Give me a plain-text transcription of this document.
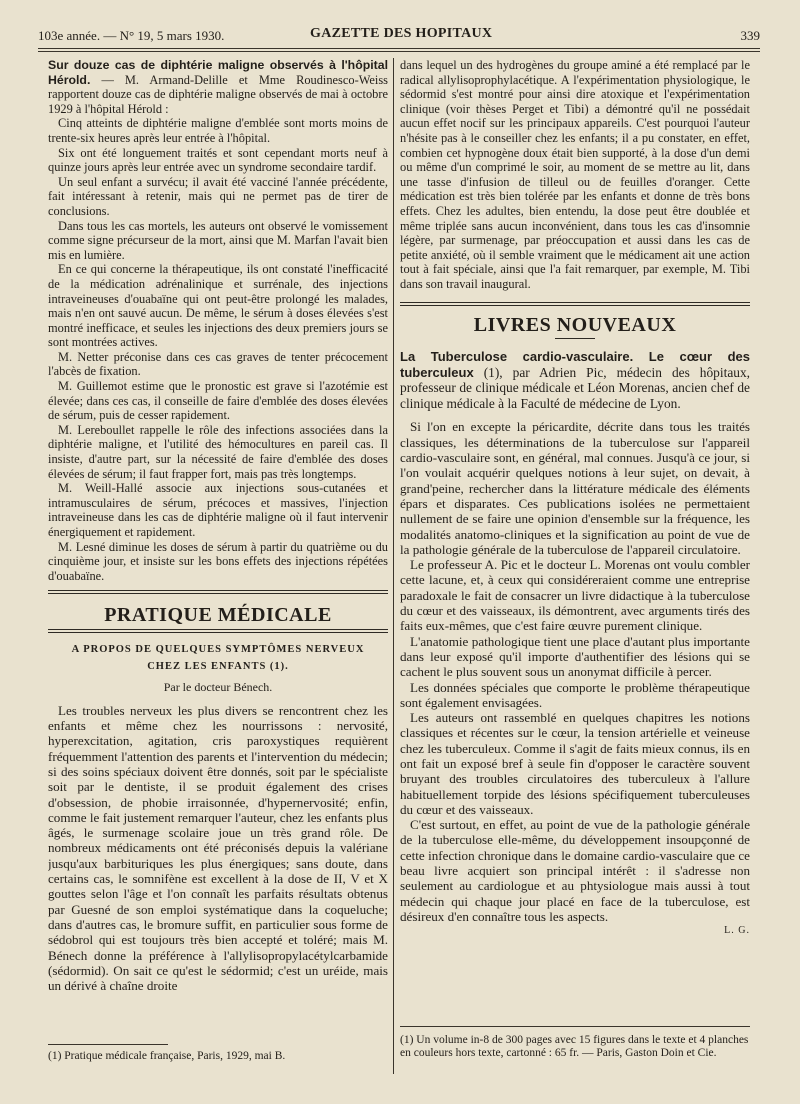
103e année. — N° 19, 5 mars 1930.	GAZETTE DES HOPITAUX	339

Sur douze cas de diphtérie maligne observés à l'hôpital Hérold. — M. Armand-Delille et Mme Roudinesco-Weiss rapportent douze cas de diphtérie maligne observés de mai à octobre 1929 à l'hôpital Hérold :

Cinq atteints de diphtérie maligne d'emblée sont morts moins de trente-six heures après leur entrée à l'hôpital.

Six ont été longuement traités et sont cependant morts neuf à quinze jours après leur entrée avec un syndrome secondaire tardif.

Un seul enfant a survécu; il avait été vacciné l'année précédente, fait intéressant à retenir, mais qui ne permet pas de tirer de conclusions.

Dans tous les cas mortels, les auteurs ont observé le vomissement comme signe précurseur de la mort, ainsi que M. Marfan l'avait bien mis en lumière.

En ce qui concerne la thérapeutique, ils ont constaté l'inefficacité de la médication adrénalinique et surrénale, des injections intraveineuses d'ouabaïne qui ont peut-être prolongé les malades, mais n'en ont sauvé aucun. De même, le sérum à doses élevées s'est montré inefficace, et seules les injections des deux premiers jours se sont montrées actives.

M. Netter préconise dans ces cas graves de tenter précocement l'abcès de fixation.

M. Guillemot estime que le pronostic est grave si l'azotémie est élevée; dans ces cas, il conseille de faire d'emblée des doses élevées de sérum, puis de cesser rapidement.

M. Lereboullet rappelle le rôle des infections associées dans la diphtérie maligne, et l'utilité des hémocultures en pareil cas. Il insiste, d'autre part, sur la nécessité de faire d'emblée des doses élevées de sérum; il faut frapper fort, mais pas très longtemps.

M. Weill-Hallé associe aux injections sous-cutanées et intramusculaires de sérum, précoces et massives, l'injection intraveineuse dans les cas de diphtérie maligne où il faut intervenir énergiquement et rapidement.

M. Lesné diminue les doses de sérum à partir du quatrième ou du cinquième jour, et insiste sur les bons effets des injections répétées d'ouabaïne.

PRATIQUE MÉDICALE
A PROPOS DE QUELQUES SYMPTÔMES NERVEUX
CHEZ LES ENFANTS (1).
Par le docteur Bénech.

Les troubles nerveux les plus divers se rencontrent chez les enfants et même chez les nourrissons : nervosité, hyperexcitation, agitation, cris paroxystiques requièrent fréquemment l'attention des parents et l'intervention du médecin; si des soins spéciaux doivent être donnés, soit par le spécialiste soit par le dentiste, il se produit également des crises d'obsession, de phobie irraisonnée, d'hypernervosité; enfin, comme le fait justement remarquer l'auteur, chez les enfants plus âgés, le surmenage scolaire joue un très grand rôle. De nombreux médicaments ont été préconisés depuis la valériane jusqu'aux barbituriques les plus énergiques; sans doute, dans certains cas, le somnifène est excellent à la dose de II, V et X gouttes selon l'âge et l'on connaît les parfaits résultats obtenus par Guesné de son emploi systématique dans la coqueluche; dans d'autres cas, le bromure suffit, en particulier sous forme de sédobrol qui est toujours très bien accepté et toléré; mais M. Bénech donne la préférence à l'allylisopropylacétylcarbamide (sédormid). On sait ce qu'est le sédormid; c'est un uréide, mais un dérivé à chaîne droite

(1) Pratique médicale française, Paris, 1929, mai B.

dans lequel un des hydrogènes du groupe aminé a été remplacé par le radical allylisoprophylacétique. A l'expérimentation physiologique, le sédormid s'est montré pour ainsi dire atoxique et l'expérimentation clinique (voir thèses Perget et Tibi) a démontré qu'il ne possédait aucun effet nocif sur les principaux appareils. C'est pourquoi l'auteur n'hésite pas à le conseiller chez les enfants; il a pu constater, en effet, combien cet hypnogène doux était bien supporté, à la dose d'un demi ou même d'un comprimé le soir, au moment de se mettre au lit, dans une tasse d'infusion de tilleul ou de feuilles d'oranger. Cette médication est très bien tolérée par les enfants et donne de très bons effets. Chez les adultes, bien entendu, la dose peut être doublée et même triplée sans aucun inconvénient, dans tous les cas d'insomnie légère, par surmenage, par préoccupation et aussi dans les cas de petite anxiété, où il semble vraiment que le médicament ait une action tout à fait spéciale, ainsi que l'a fait remarquer, par exemple, M. Tibi dans son travail inaugural.

LIVRES NOUVEAUX

La Tuberculose cardio-vasculaire. Le cœur des tuberculeux (1), par Adrien Pic, médecin des hôpitaux, professeur de clinique médicale et Léon Morenas, ancien chef de clinique médicale à la Faculté de médecine de Lyon.

Si l'on en excepte la péricardite, décrite dans tous les traités classiques, les déterminations de la tuberculose sur l'appareil cardio-vasculaire sont, en général, mal connues. Jusqu'à ce jour, si l'on voulait acquérir quelques notions à leur sujet, on devait, à grand'peine, rechercher dans la littérature médicale des éléments épars et disparates. Ces publications isolées ne permettaient nullement de se faire une opinion d'ensemble sur la fréquence, les modalités anatomo-cliniques et la signification au point de vue de la pathologie générale de la tuberculose de l'appareil circulatoire.

Le professeur A. Pic et le docteur L. Morenas ont voulu combler cette lacune, et, à ceux qui considéreraient comme une entreprise paradoxale le fait de consacrer un livre didactique à la tuberculose du cœur et des vaisseaux, ils démontrent, avec arguments tirés des faits eux-mêmes, que c'est faire œuvre purement clinique.

L'anatomie pathologique tient une place d'autant plus importante dans leur exposé qu'il importe d'authentifier des lésions qui se cachent le plus souvent sous un anonymat difficile à percer.

Les données spéciales que comporte le problème thérapeutique sont également envisagées.

Les auteurs ont rassemblé en quelques chapitres les notions classiques et récentes sur le cœur, la tension artérielle et veineuse chez les tuberculeux. Comme il s'agit de faits mieux connus, ils en ont fait un exposé bref à seule fin d'opposer le caractère souvent bruyant des troubles circulatoires des tuberculeux à l'allure habituellement torpide des lésions spécifiquement tuberculeuses du cœur et des vaisseaux.

C'est surtout, en effet, au point de vue de la pathologie générale de la tuberculose elle-même, du développement insoupçonné de cette infection chronique dans le domaine cardio-vasculaire que ce beau livre acquiert son principal intérêt : il s'adresse non seulement au cardiologue et au phtysiologue mais aussi à tout médecin qui chaque jour placé en face de la tuberculose, est désireux d'en connaître tous les aspects.

L. G.
(1) Un volume in-8 de 300 pages avec 15 figures dans le texte et 4 planches en couleurs hors texte, cartonné : 65 fr. — Paris, Gaston Doin et Cie.
